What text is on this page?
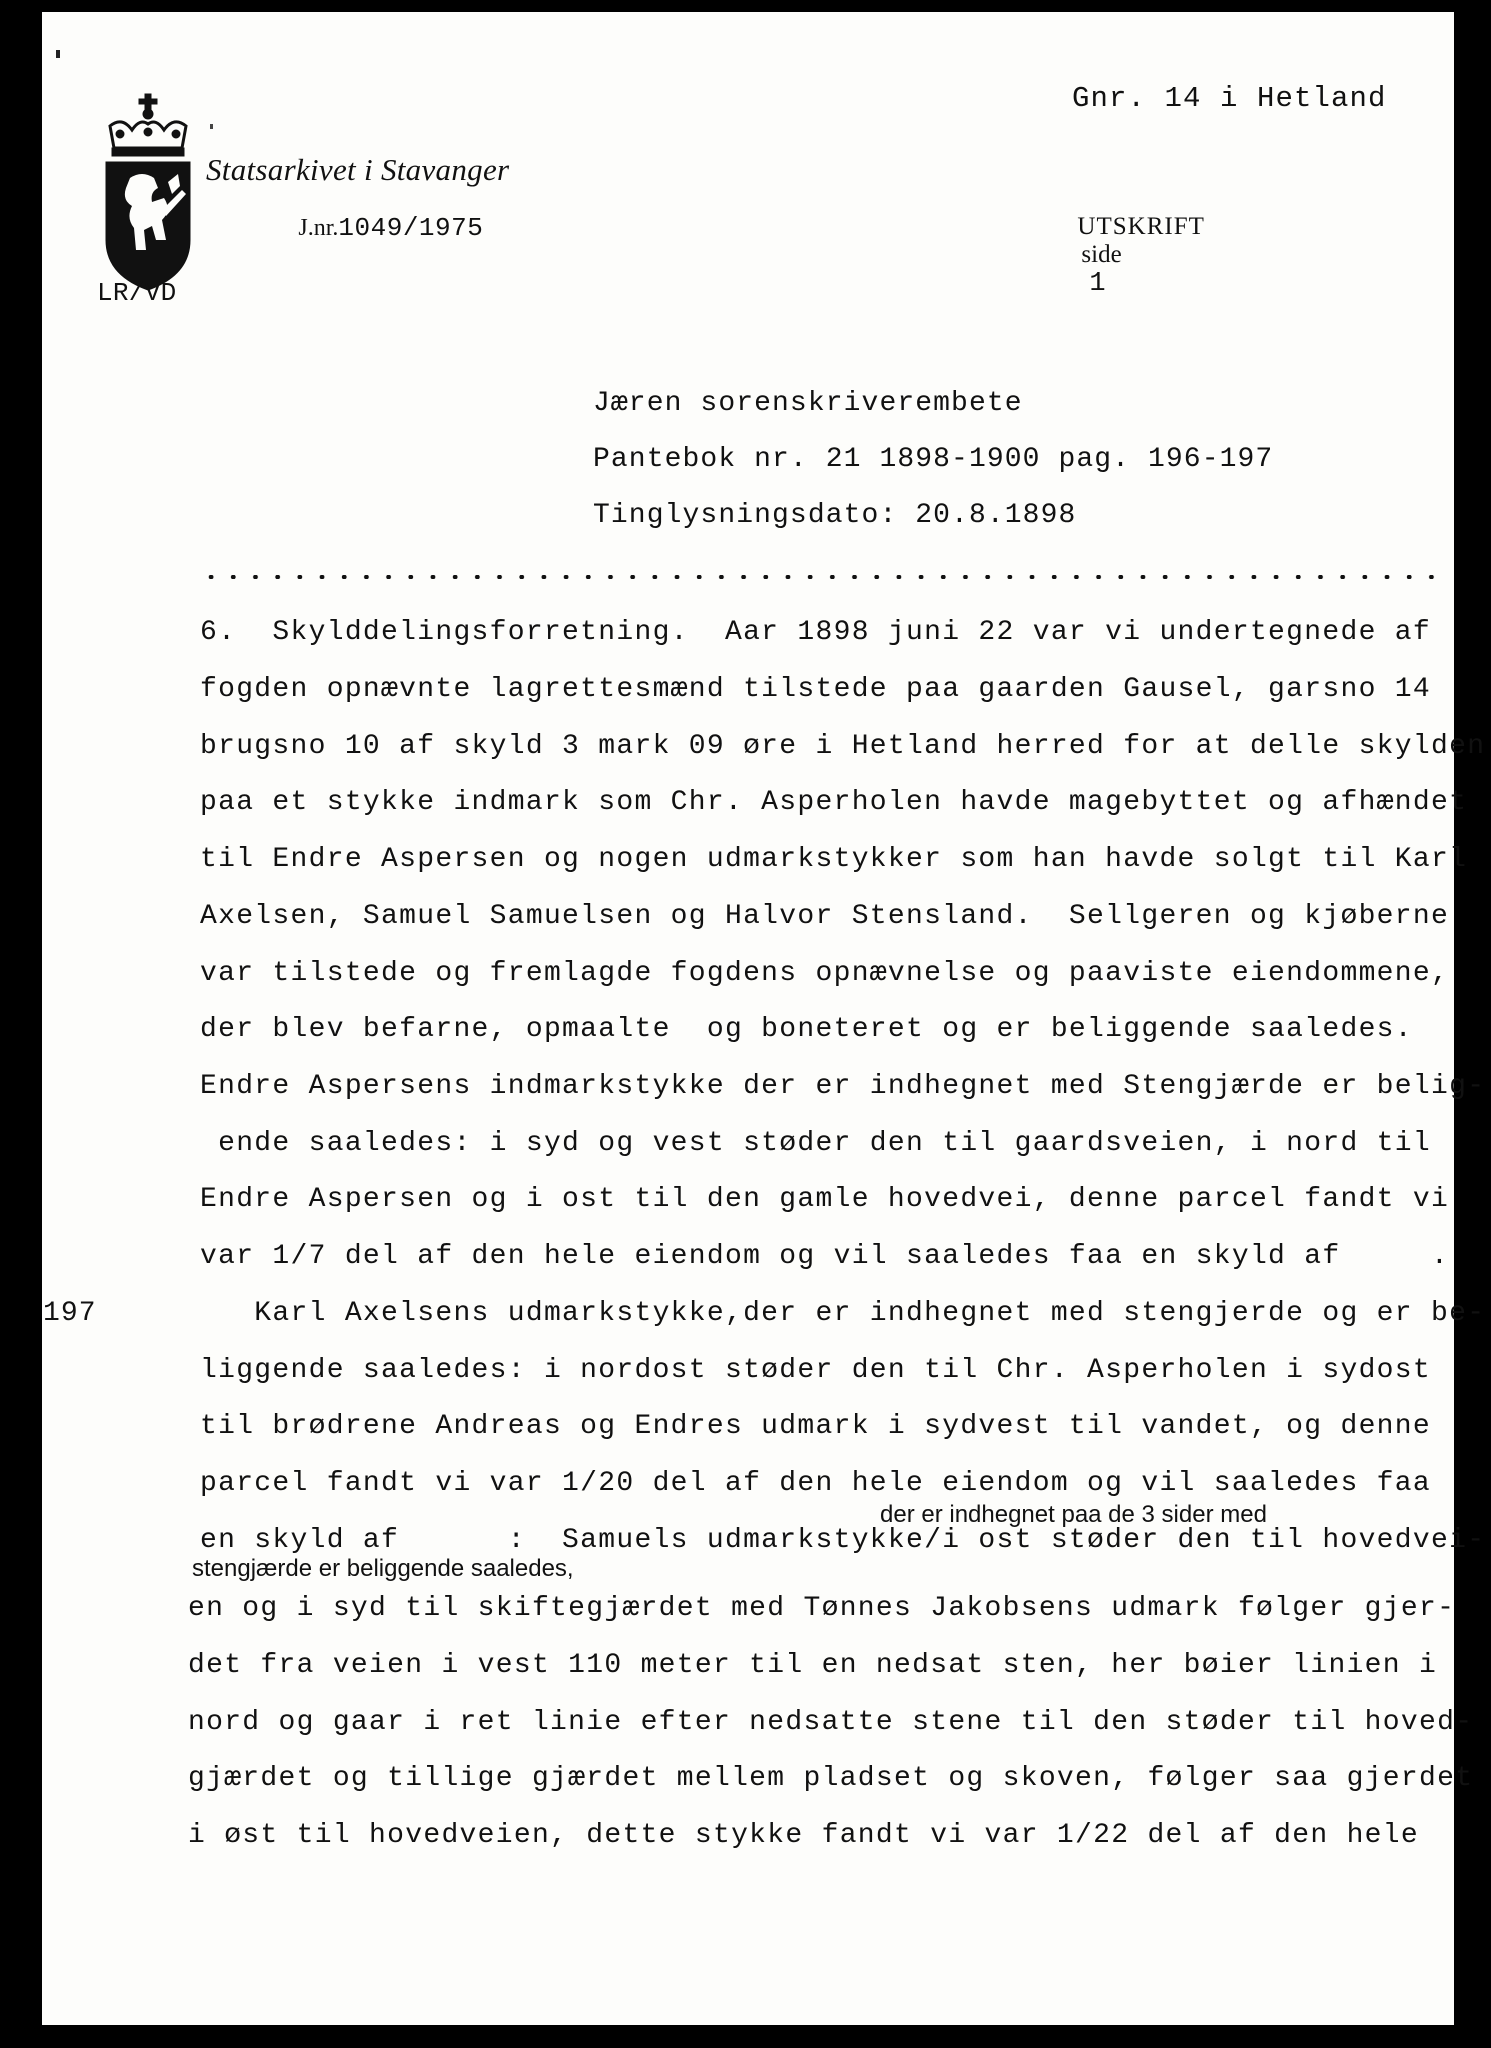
Statsarkivet i Stavanger

J.nr.1049/1975

LR/VD
Gnr. 14 i Hetland

UTSKRIFT
side
1

Jæren sorenskriverembete
Pantebok nr. 21 1898-1900 pag. 196-197
Tinglysningsdato: 20.8.1898
6.  Skylddelingsforretning.  Aar 1898 juni 22 var vi undertegnede af
fogden opnævnte lagrettesmænd tilstede paa gaarden Gausel, garsno 14
brugsno 10 af skyld 3 mark 09 øre i Hetland herred for at delle skylden
paa et stykke indmark som Chr. Asperholen havde magebyttet og afhændet
til Endre Aspersen og nogen udmarkstykker som han havde solgt til Karl
Axelsen, Samuel Samuelsen og Halvor Stensland.  Sellgeren og kjøberne
var tilstede og fremlagde fogdens opnævnelse og paaviste eiendommene,
der blev befarne, opmaalte  og boneteret og er beliggende saaledes.
Endre Aspersens indmarkstykke der er indhegnet med Stengjærde er belig-
ende saaledes: i syd og vest støder den til gaardsveien, i nord til
Endre Aspersen og i ost til den gamle hovedvei, denne parcel fandt vi
var 1/7 del af den hele eiendom og vil saaledes faa en skyld af     .
197	Karl Axelsens udmarkstykke,der er indhegnet med stengjerde og er be-
liggende saaledes: i nordost støder den til Chr. Asperholen i sydost
til brødrene Andreas og Endres udmark i sydvest til vandet, og denne
parcel fandt vi var 1/20 del af den hele eiendom og vil saaledes faa
der er indhegnet paa de 3 sider med
en skyld af      :  Samuels udmarkstykke/i ost støder den til hovedvei-
stengjærde er beliggende saaledes,
en og i syd til skiftegjærdet med Tønnes Jakobsens udmark følger gjer-
det fra veien i vest 110 meter til en nedsat sten, her bøier linien i
nord og gaar i ret linie efter nedsatte stene til den støder til hoved-
gjærdet og tillige gjærdet mellem pladset og skoven, følger saa gjerdet
i øst til hovedveien, dette stykke fandt vi var 1/22 del af den hele
